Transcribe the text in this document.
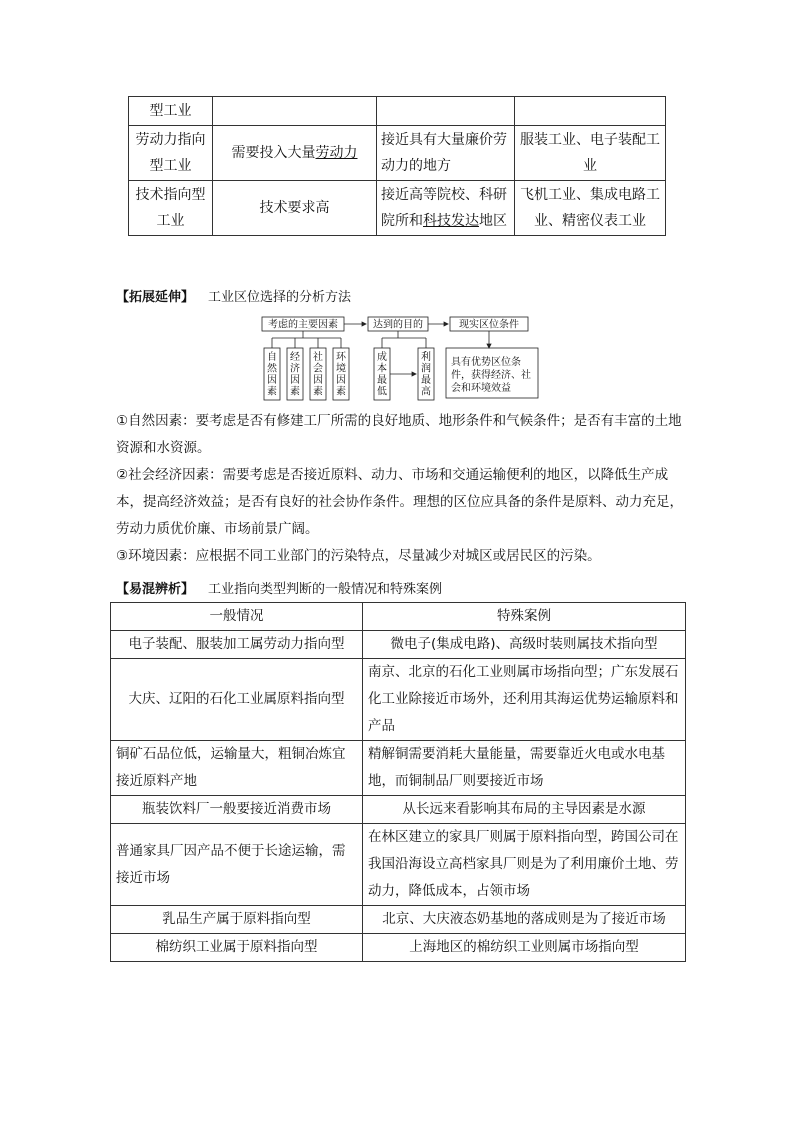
型工业			
劳动力指向型工业	需要投入大量劳动力	接近具有大量廉价劳动力的地方	服装工业、电子装配工业
技术指向型工业	技术要求高	接近高等院校、科研院所和科技发达地区	飞机工业、集成电路工业、精密仪表工业
【拓展延伸】 工业区位选择的分析方法
考虑的主要因素	达到的目的	现实区位条件
自然因素
经济因素
社会因素
环境因素
成本最低
利润最高
具有优势区位条
件，获得经济、社
会和环境效益
①自然因素：要考虑是否有修建工厂所需的良好地质、地形条件和气候条件；是否有丰富的土地资源和水资源。
②社会经济因素：需要考虑是否接近原料、动力、市场和交通运输便利的地区，以降低生产成本，提高经济效益；是否有良好的社会协作条件。理想的区位应具备的条件是原料、动力充足，劳动力质优价廉、市场前景广阔。
③环境因素：应根据不同工业部门的污染特点，尽量减少对城区或居民区的污染。
【易混辨析】 工业指向类型判断的一般情况和特殊案例
一般情况	特殊案例
电子装配、服装加工属劳动力指向型	微电子(集成电路)、高级时装则属技术指向型
大庆、辽阳的石化工业属原料指向型	南京、北京的石化工业则属市场指向型；广东发展石化工业除接近市场外，还利用其海运优势运输原料和产品
铜矿石品位低，运输量大，粗铜冶炼宜接近原料产地	精解铜需要消耗大量能量，需要靠近火电或水电基地，而铜制品厂则要接近市场
瓶装饮料厂一般要接近消费市场	从长远来看影响其布局的主导因素是水源
普通家具厂因产品不便于长途运输，需接近市场	在林区建立的家具厂则属于原料指向型，跨国公司在我国沿海设立高档家具厂则是为了利用廉价土地、劳动力，降低成本，占领市场
乳品生产属于原料指向型	北京、大庆液态奶基地的落成则是为了接近市场
棉纺织工业属于原料指向型	上海地区的棉纺织工业则属市场指向型
